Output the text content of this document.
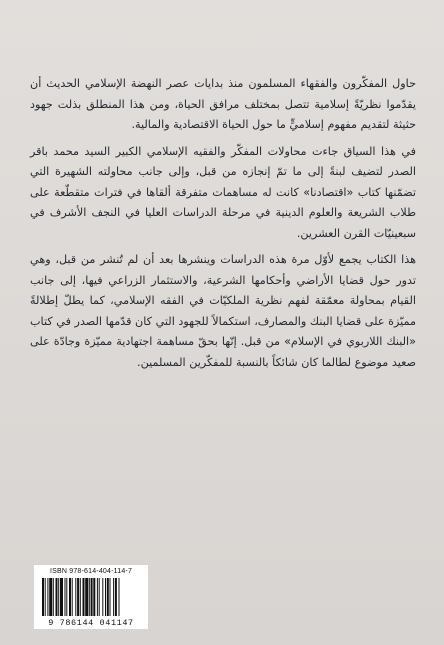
حاول المفكّرون والفقهاء المسلمون منذ بدايات عصر النهضة الإسلامي الحديث أن يقدّموا نظريّةً إسلامية تتصل بمختلف مرافق الحياة، ومن هذا المنطلق بذلت جهود حثيثة لتقديم مفهوم إسلاميٍّ ما حول الحياة الاقتصادية والمالية.

في هذا السياق جاءت محاولات المفكّر والفقيه الإسلامي الكبير السيد محمد باقر الصدر لتضيف لبنةً إلى ما تمّ إنجازه من قبل، وإلى جانب محاولته الشهيرة التي تضمّنها كتاب «اقتصادنا» كانت له مساهمات متفرقة ألقاها في فترات متقطّعة على طلاب الشريعة والعلوم الدينية في مرحلة الدراسات العليا في النجف الأشرف في سبعينيّات القرن العشرين.

هذا الكتاب يجمع لأوّل مرة هذه الدراسات وينشرها بعد أن لم تُنشر من قبل، وهي تدور حول قضايا الأراضي وأحكامها الشرعية، والاستثمار الزراعي فيها، إلى جانب القيام بمحاولة معمّقة لفهم نظرية الملكيّات في الفقه الإسلامي، كما يطلّ إطلالةً مميّزة على قضايا البنك والمصارف، استكمالاً للجهود التي كان قدّمها الصدر في كتاب «البنك اللاربوي في الإسلام» من قبل. إنّها بحقّ مساهمة اجتهادية مميّزة وجادّة على صعيد موضوع لطالما كان شائكاً بالنسبة للمفكّرين المسلمين.

ISBN 978-614-404-114-7
9 786144 041147
